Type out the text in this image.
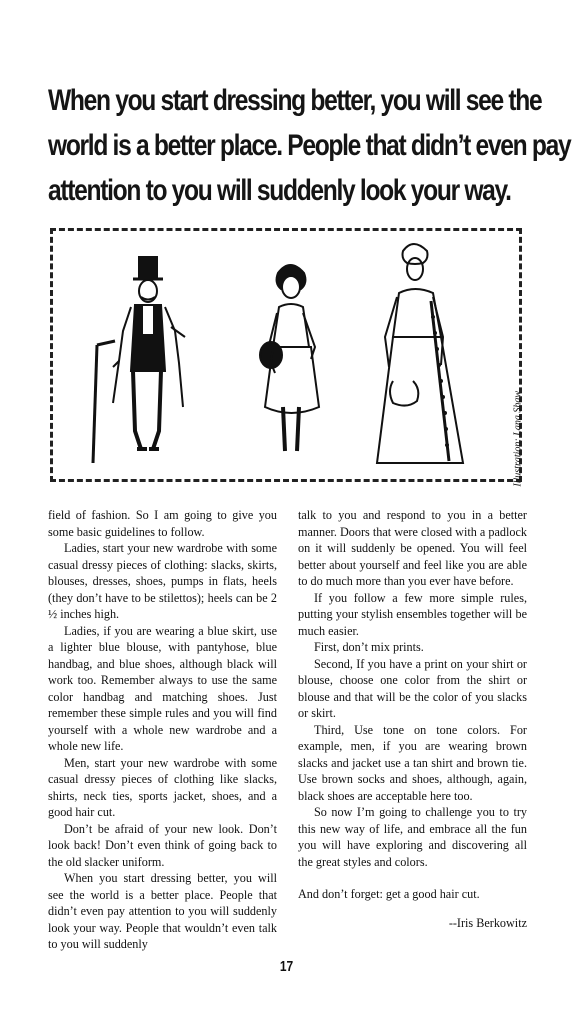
When you start dressing better, you will see the
world is a better place. People that didn’t even pay
attention to you will suddenly look your way.
Illustration: Lana Shaw

field of fashion. So I am going to give you some basic guidelines to follow.

Ladies, start your new wardrobe with some casual dressy pieces of clothing: slacks, skirts, blouses, dresses, shoes, pumps in flats, heels (they don’t have to be stilettos); heels can be 2 ½ inches high.

Ladies, if you are wearing a blue skirt, use a lighter blue blouse, with pantyhose, blue handbag, and blue shoes, although black will work too. Remember always to use the same color handbag and matching shoes. Just remember these simple rules and you will find yourself with a whole new wardrobe and a whole new life.

Men, start your new wardrobe with some casual dressy pieces of clothing like slacks, shirts, neck ties, sports jacket, shoes, and a good hair cut.

Don’t be afraid of your new look. Don’t look back! Don’t even think of going back to the old slacker uniform.

When you start dressing better, you will see the world is a better place. People that didn’t even pay attention to you will suddenly look your way. People that wouldn’t even talk to you will suddenly

talk to you and respond to you in a better manner. Doors that were closed with a padlock on it will suddenly be opened. You will feel better about yourself and feel like you are able to do much more than you ever have before.

If you follow a few more simple rules, putting your stylish ensembles together will be much easier.

First, don’t mix prints.

Second, If you have a print on your shirt or blouse, choose one color from the shirt or blouse and that will be the color of you slacks or skirt.

Third, Use tone on tone colors. For example, men, if you are wearing brown slacks and jacket use a tan shirt and brown tie. Use brown socks and shoes, although, again, black shoes are acceptable here too.

So now I’m going to challenge you to try this new way of life, and embrace all the fun you will have exploring and discovering all the great styles and colors.

And don’t forget: get a good hair cut.

--Iris Berkowitz

17
